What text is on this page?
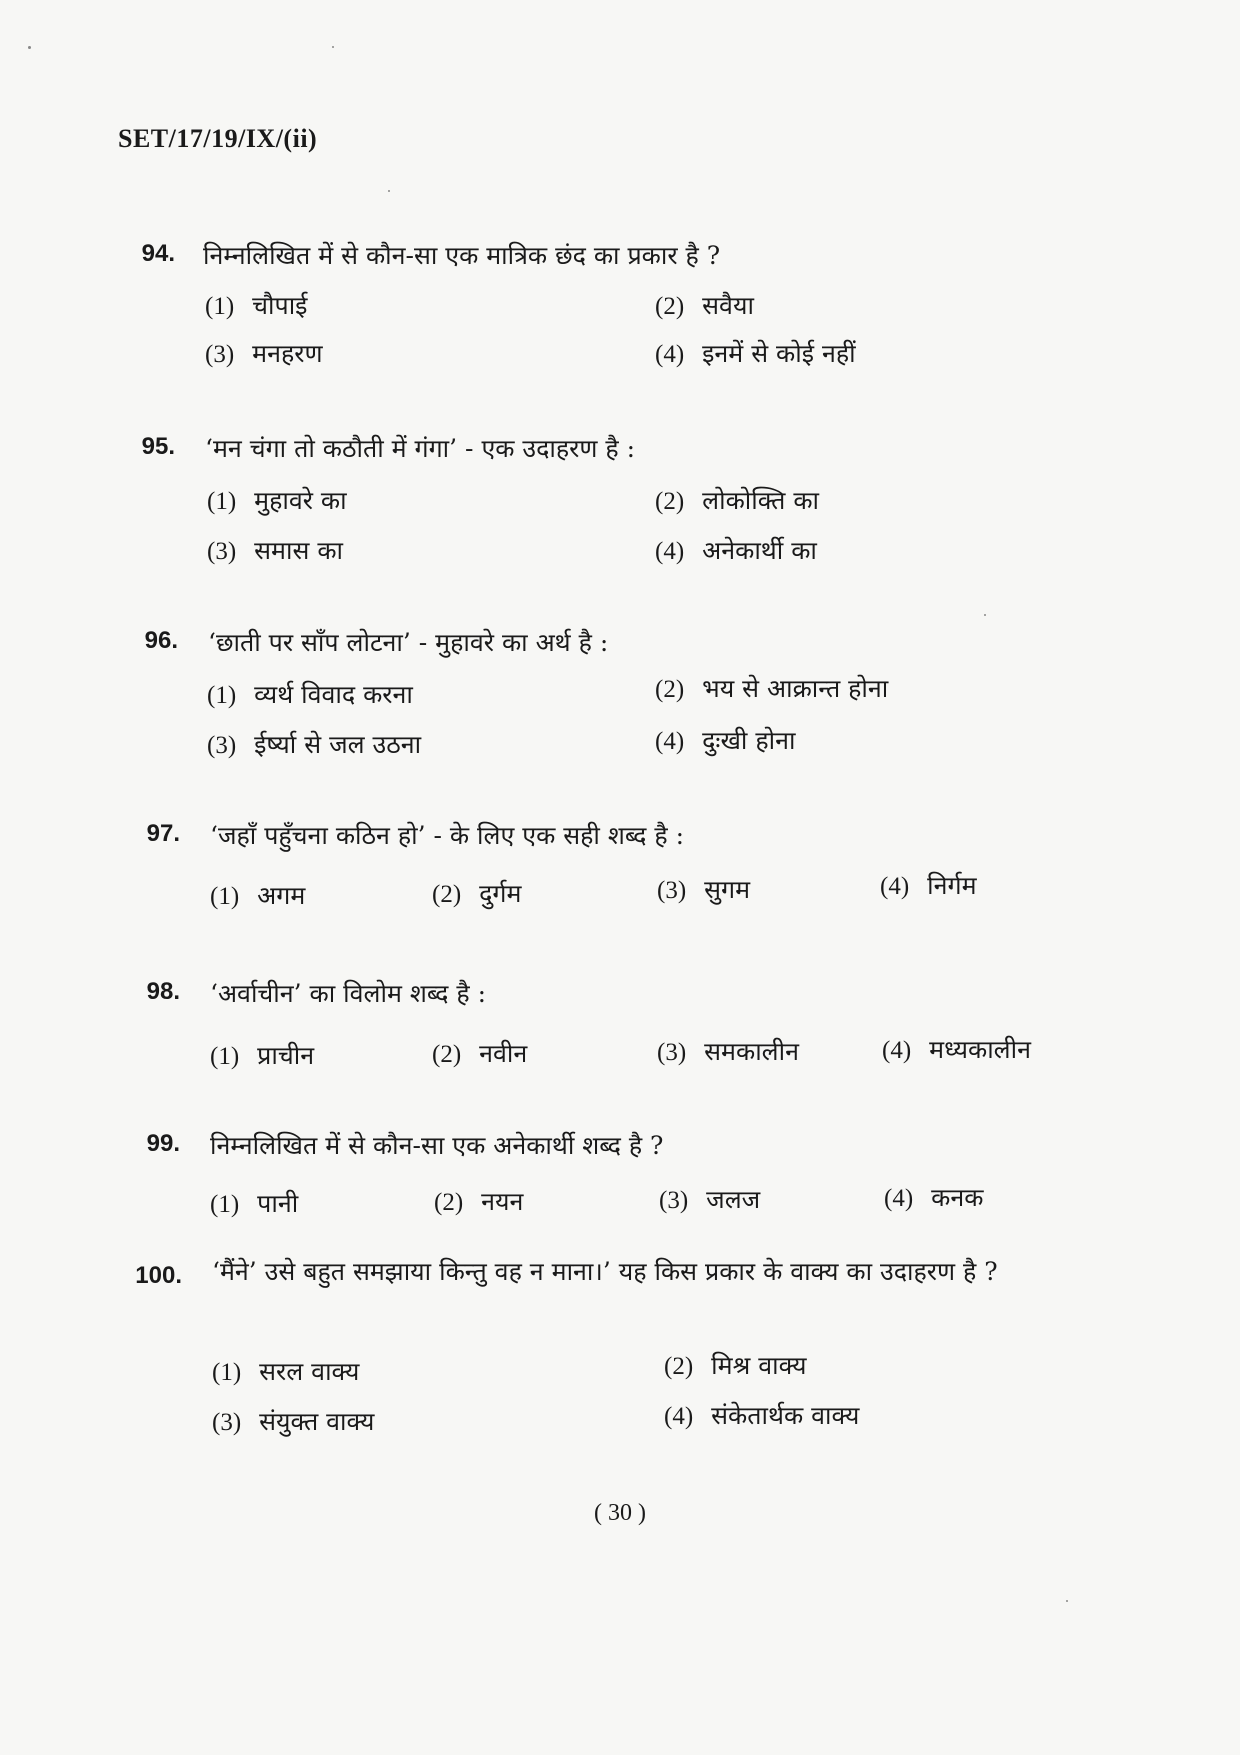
SET/17/19/IX/(ii)
94. निम्नलिखित में से कौन-सा एक मात्रिक छंद का प्रकार है ?
(1) चौपाई	(2) सवैया
(3) मनहरण	(4) इनमें से कोई नहीं
95. ‘मन चंगा तो कठौती में गंगा’ - एक उदाहरण है :
(1) मुहावरे का	(2) लोकोक्ति का
(3) समास का	(4) अनेकार्थी का
96. ‘छाती पर साँप लोटना’ - मुहावरे का अर्थ है :
(1) व्यर्थ विवाद करना	(2) भय से आक्रान्त होना
(3) ईर्ष्या से जल उठना	(4) दुःखी होना
97. ‘जहाँ पहुँचना कठिन हो’ - के लिए एक सही शब्द है :
(1) अगम	(2) दुर्गम	(3) सुगम	(4) निर्गम
98. ‘अर्वाचीन’ का विलोम शब्द है :
(1) प्राचीन	(2) नवीन	(3) समकालीन	(4) मध्यकालीन
99. निम्नलिखित में से कौन-सा एक अनेकार्थी शब्द है ?
(1) पानी	(2) नयन	(3) जलज	(4) कनक
100. ‘मैंने’ उसे बहुत समझाया किन्तु वह न माना।’ यह किस प्रकार के वाक्य का उदाहरण है ?
(1) सरल वाक्य	(2) मिश्र वाक्य
(3) संयुक्त वाक्य	(4) संकेतार्थक वाक्य
( 30 )
